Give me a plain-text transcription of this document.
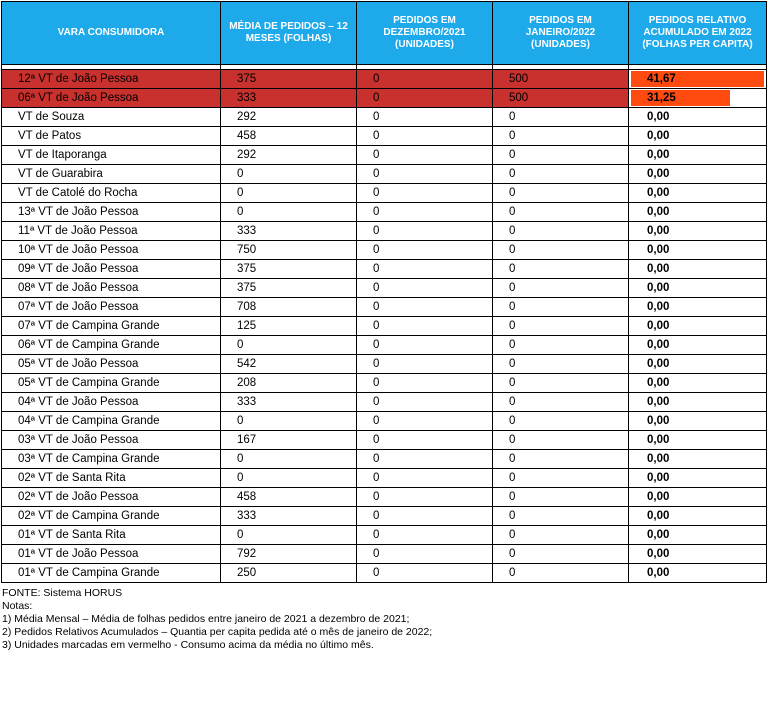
VARA CONSUMIDORA	MÉDIA DE PEDIDOS – 12 MESES (FOLHAS)	PEDIDOS EM DEZEMBRO/2021 (UNIDADES)	PEDIDOS EM JANEIRO/2022 (UNIDADES)	PEDIDOS RELATIVO ACUMULADO EM 2022 (FOLHAS PER CAPITA)

12ª VT de João Pessoa	375	0	500	41,67

06ª VT de João Pessoa	333	0	500	31,25

VT de Souza	292	0	0	0,00
VT de Patos	458	0	0	0,00
VT de Itaporanga	292	0	0	0,00
VT de Guarabira	0	0	0	0,00
VT de Catolé do Rocha	0	0	0	0,00
13ª VT de João Pessoa	0	0	0	0,00
11ª VT de João Pessoa	333	0	0	0,00
10ª VT de João Pessoa	750	0	0	0,00
09ª VT de João Pessoa	375	0	0	0,00
08ª VT de João Pessoa	375	0	0	0,00
07ª VT de João Pessoa	708	0	0	0,00
07ª VT de Campina Grande	125	0	0	0,00
06ª VT de Campina Grande	0	0	0	0,00
05ª VT de João Pessoa	542	0	0	0,00
05ª VT de Campina Grande	208	0	0	0,00
04ª VT de João Pessoa	333	0	0	0,00
04ª VT de Campina Grande	0	0	0	0,00
03ª VT de João Pessoa	167	0	0	0,00
03ª VT de Campina Grande	0	0	0	0,00
02ª VT de Santa Rita	0	0	0	0,00
02ª VT de João Pessoa	458	0	0	0,00
02ª VT de Campina Grande	333	0	0	0,00
01ª VT de Santa Rita	0	0	0	0,00
01ª VT de João Pessoa	792	0	0	0,00
01ª VT de Campina Grande	250	0	0	0,00
FONTE: Sistema HORUS
Notas:
1) Média Mensal – Média de folhas pedidos entre janeiro de 2021 a dezembro de 2021;
2) Pedidos Relativos Acumulados – Quantia per capita pedida até o mês de janeiro de 2022;
3) Unidades marcadas em vermelho - Consumo acima da média no último mês.
